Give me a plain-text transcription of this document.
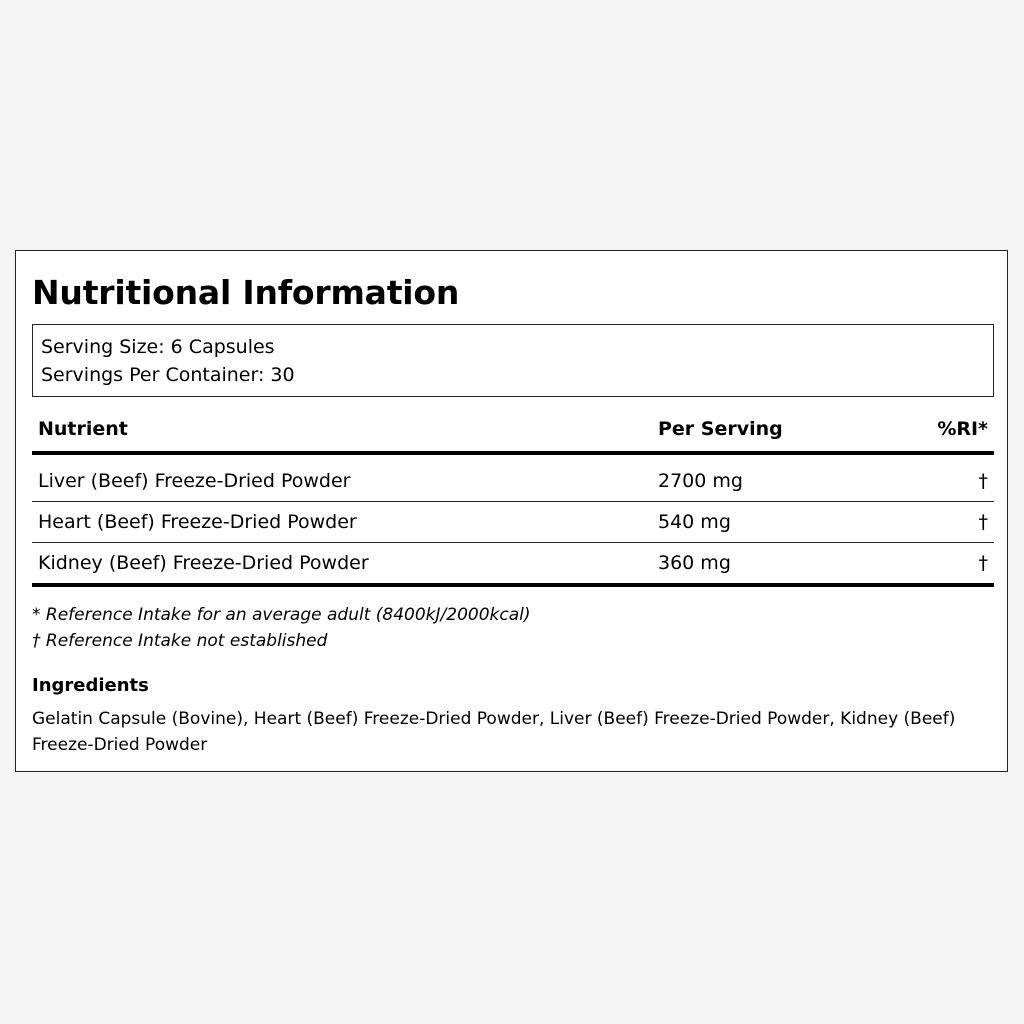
Nutritional Information
Serving Size: 6 Capsules
Servings Per Container: 30
Nutrient	Per Serving	%RI*
Liver (Beef) Freeze-Dried Powder	2700 mg	†
Heart (Beef) Freeze-Dried Powder	540 mg	†
Kidney (Beef) Freeze-Dried Powder	360 mg	†
* Reference Intake for an average adult (8400kJ/2000kcal)
† Reference Intake not established
Ingredients

Gelatin Capsule (Bovine), Heart (Beef) Freeze-Dried Powder, Liver (Beef) Freeze-Dried Powder, Kidney (Beef) Freeze-Dried Powder
